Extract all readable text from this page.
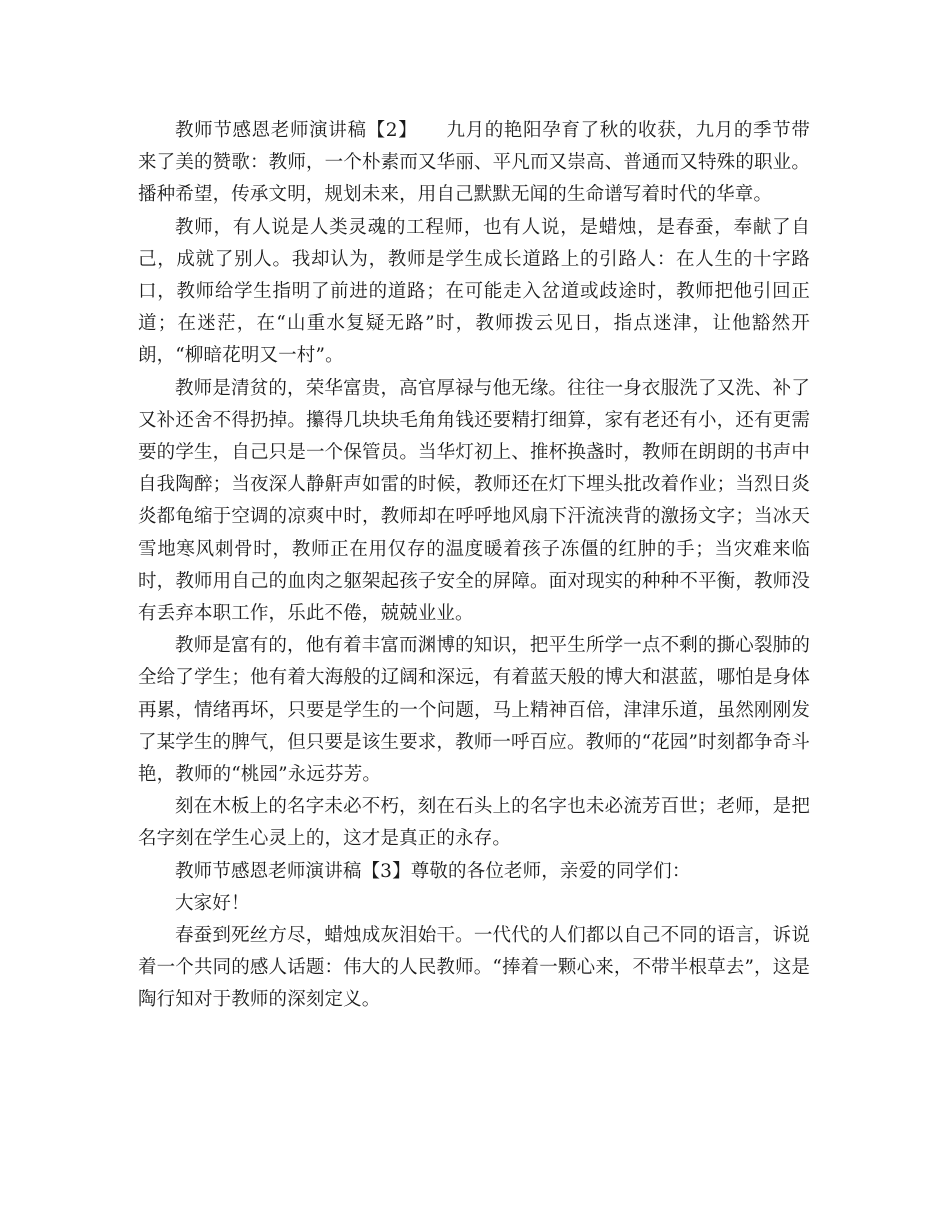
教师节感恩老师演讲稿【2】　　九月的艳阳孕育了秋的收获，九月的季节带来了美的赞歌：教师，一个朴素而又华丽、平凡而又崇高、普通而又特殊的职业。播种希望，传承文明，规划未来，用自己默默无闻的生命谱写着时代的华章。

教师，有人说是人类灵魂的工程师，也有人说，是蜡烛，是春蚕，奉献了自己，成就了别人。我却认为，教师是学生成长道路上的引路人：在人生的十字路口，教师给学生指明了前进的道路；在可能走入岔道或歧途时，教师把他引回正道；在迷茫，在“山重水复疑无路”时，教师拨云见日，指点迷津，让他豁然开朗，“柳暗花明又一村”。

教师是清贫的，荣华富贵，高官厚禄与他无缘。往往一身衣服洗了又洗、补了又补还舍不得扔掉。攥得几块块毛角角钱还要精打细算，家有老还有小，还有更需要的学生，自己只是一个保管员。当华灯初上、推杯换盏时，教师在朗朗的书声中自我陶醉；当夜深人静鼾声如雷的时候，教师还在灯下埋头批改着作业；当烈日炎炎都龟缩于空调的凉爽中时，教师却在呼呼地风扇下汗流浃背的激扬文字；当冰天雪地寒风刺骨时，教师正在用仅存的温度暖着孩子冻僵的红肿的手；当灾难来临时，教师用自己的血肉之躯架起孩子安全的屏障。面对现实的种种不平衡，教师没有丢弃本职工作，乐此不倦，兢兢业业。

教师是富有的，他有着丰富而渊博的知识，把平生所学一点不剩的撕心裂肺的全给了学生；他有着大海般的辽阔和深远，有着蓝天般的博大和湛蓝，哪怕是身体再累，情绪再坏，只要是学生的一个问题，马上精神百倍，津津乐道，虽然刚刚发了某学生的脾气，但只要是该生要求，教师一呼百应。教师的“花园”时刻都争奇斗艳，教师的“桃园”永远芬芳。

刻在木板上的名字未必不朽，刻在石头上的名字也未必流芳百世；老师，是把名字刻在学生心灵上的，这才是真正的永存。

教师节感恩老师演讲稿【3】尊敬的各位老师，亲爱的同学们：

大家好！

春蚕到死丝方尽，蜡烛成灰泪始干。一代代的人们都以自己不同的语言，诉说着一个共同的感人话题：伟大的人民教师。“捧着一颗心来，不带半根草去”，这是陶行知对于教师的深刻定义。
